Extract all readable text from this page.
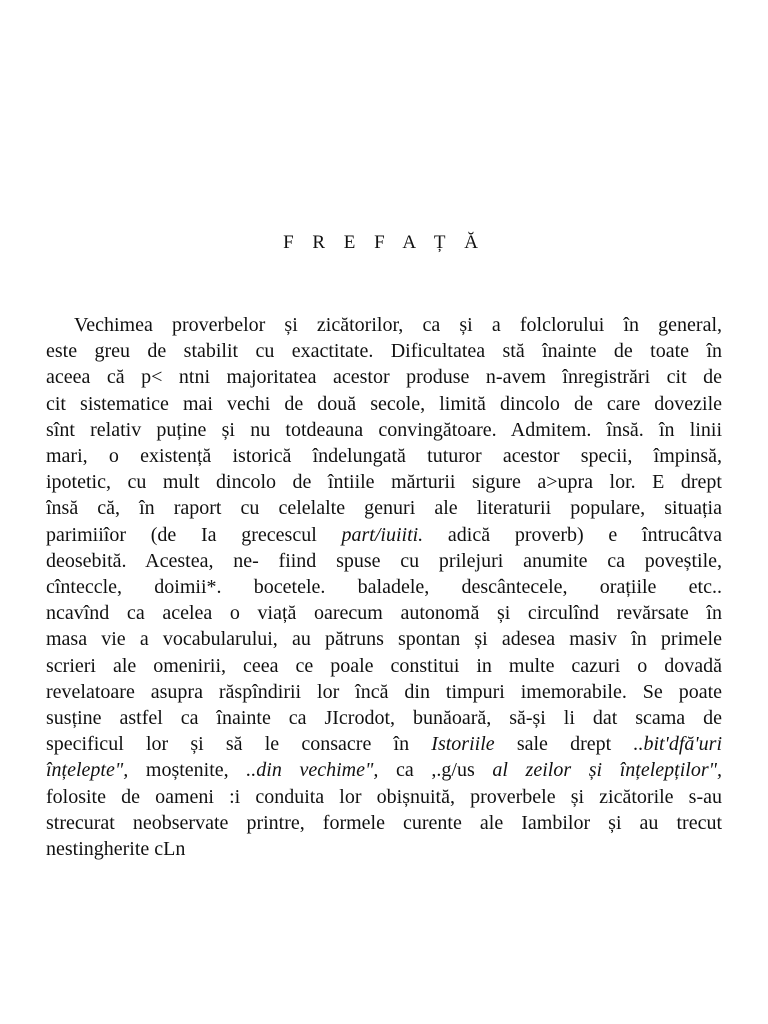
F R E F A Ț Ă
Vechimea proverbelor și zicătorilor, ca și a folclorului în general,
este greu de stabilit cu exactitate. Dificultatea stă înainte de toate în
aceea că p< ntni majoritatea acestor produse n-avem înregistrări cit de
cit sistematice mai vechi de două secole, limită dincolo de care dovezile
sînt relativ puține și nu totdeauna convingătoare. Admitem. însă. în linii
mari, o existență istorică îndelungată tuturor acestor specii, împinsă,
ipotetic, cu mult dincolo de întiile mărturii sigure a>upra lor. E drept
însă că, în raport cu celelalte genuri ale literaturii populare, situația
parimiiîor (de Ia grecescul part/iuiiti. adică proverb) e întrucâtva
deosebită. Acestea, ne- fiind spuse cu prilejuri anumite ca poveștile,
cînteccle, doimii*. bocetele. baladele, descântecele, orațiile etc..
ncavînd ca acelea o viață oarecum autonomă și circulînd revărsate în
masa vie a vocabularului, au pătruns spontan și adesea masiv în primele
scrieri ale omenirii, ceea ce poale constitui in multe cazuri o dovadă
revelatoare asupra răspîndirii lor încă din timpuri imemorabile. Se poate
susține astfel ca înainte ca JIcrodot, bunăoară, să-și li dat scama de
specificul lor și să le consacre în Istoriile sale drept ..bit'dfă'uri
înțelepte", moștenite, ..din vechime", ca ,.g/us al zeilor și înțelepților",
folosite de oameni :i conduita lor obișnuită, proverbele și zicătorile s-au
strecurat neobservate printre, formele curente ale Iambilor și au trecut
nestingherite cLn
